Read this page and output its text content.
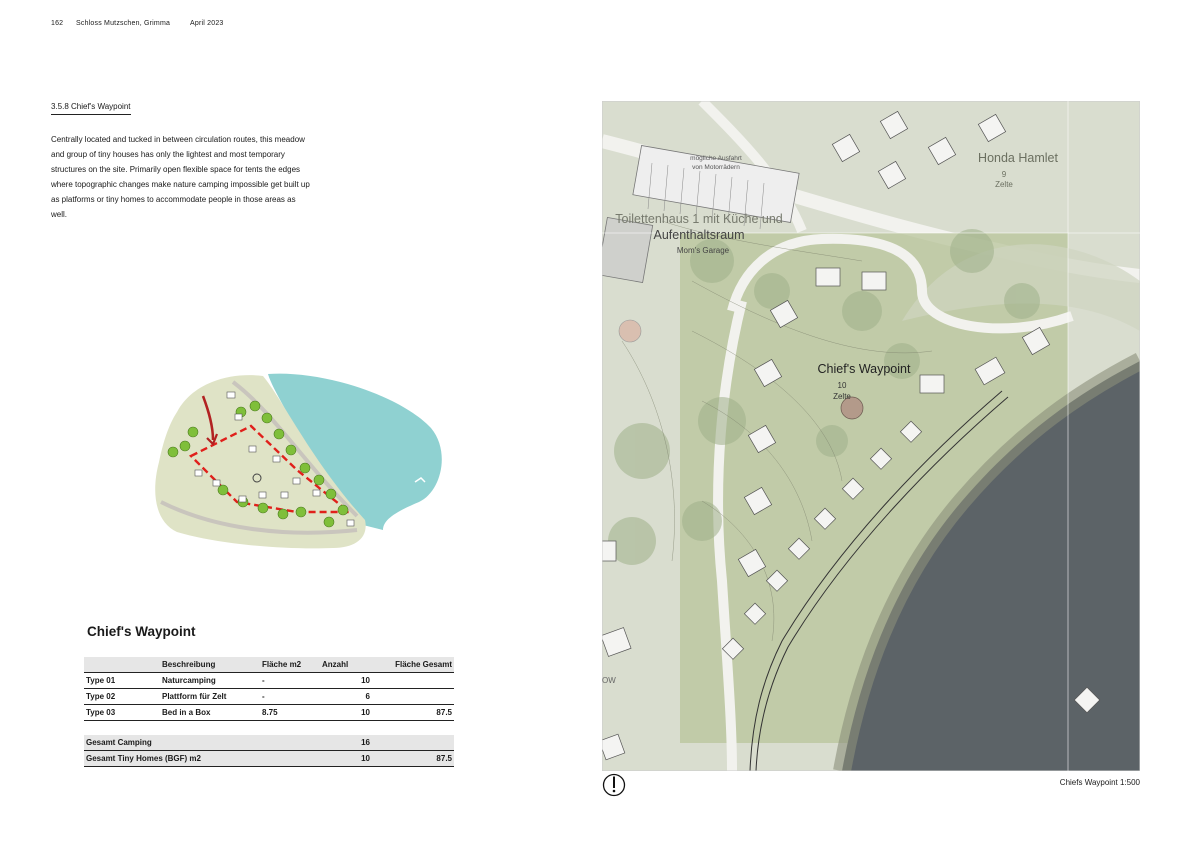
162 Schloss Mutzschen, Grimma	April 2023
3.5.8 Chief's Waypoint
Centrally located and tucked in between circulation routes, this meadow and group of tiny houses has only the lightest and most temporary structures on the site. Primarily open flexible space for tents the edges where topographic changes make nature camping impossible get built up as platforms or tiny homes to accommodate people in those areas as well.
Chief's Waypoint
	Beschreibung	Fläche m2	Anzahl	Fläche Gesamt
Type 01	Naturcamping	-	10	
Type 02	Plattform für Zelt	-	6	
Type 03	Bed in a Box	8.75	10	87.5

Gesamt Camping			16	
Gesamt Tiny Homes (BGF) m2			10	87.5
Honda Hamlet
9
Zelte
mögliche Ausfahrt
von Motorrädern
Toilettenhaus 1 mit Küche und
Aufenthaltsraum
Mom's Garage
Chief's Waypoint
10
Zelte
OW
Chiefs Waypoint 1:500
